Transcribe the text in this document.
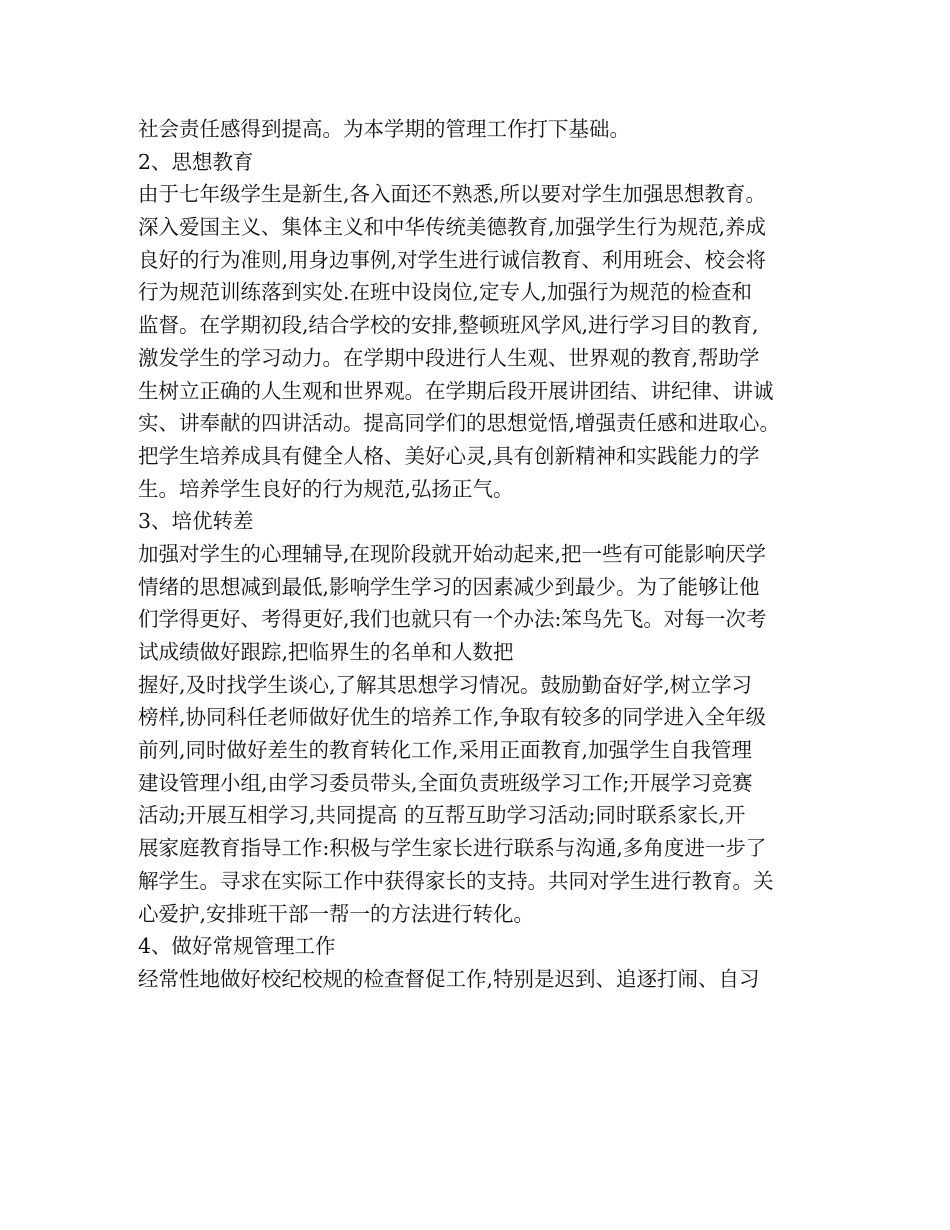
社会责任感得到提高。为本学期的管理工作打下基础。
2、思想教育
由于七年级学生是新生,各入面还不熟悉,所以要对学生加强思想教育。
深入爱国主义、集体主义和中华传统美德教育,加强学生行为规范,养成
良好的行为准则,用身边事例,对学生进行诚信教育、利用班会、校会将
行为规范训练落到实处.在班中设岗位,定专人,加强行为规范的检查和
监督。在学期初段,结合学校的安排,整顿班风学风,进行学习目的教育,
激发学生的学习动力。在学期中段进行人生观、世界观的教育,帮助学
生树立正确的人生观和世界观。在学期后段开展讲团结、讲纪律、讲诚
实、讲奉献的四讲活动。提高同学们的思想觉悟,增强责任感和进取心。
把学生培养成具有健全人格、美好心灵,具有创新精神和实践能力的学
生。培养学生良好的行为规范,弘扬正气。
3、培优转差
加强对学生的心理辅导,在现阶段就开始动起来,把一些有可能影响厌学
情绪的思想减到最低,影响学生学习的因素减少到最少。为了能够让他
们学得更好、考得更好,我们也就只有一个办法:笨鸟先飞。对每一次考
试成绩做好跟踪,把临界生的名单和人数把
握好,及时找学生谈心,了解其思想学习情况。鼓励勤奋好学,树立学习
榜样,协同科任老师做好优生的培养工作,争取有较多的同学进入全年级
前列,同时做好差生的教育转化工作,采用正面教育,加强学生自我管理
建设管理小组,由学习委员带头,全面负责班级学习工作;开展学习竞赛
活动;开展互相学习,共同提高 的互帮互助学习活动;同时联系家长,开
展家庭教育指导工作:积极与学生家长进行联系与沟通,多角度进一步了
解学生。寻求在实际工作中获得家长的支持。共同对学生进行教育。关
心爱护,安排班干部一帮一的方法进行转化。
4、做好常规管理工作
经常性地做好校纪校规的检查督促工作,特别是迟到、追逐打闹、自习
